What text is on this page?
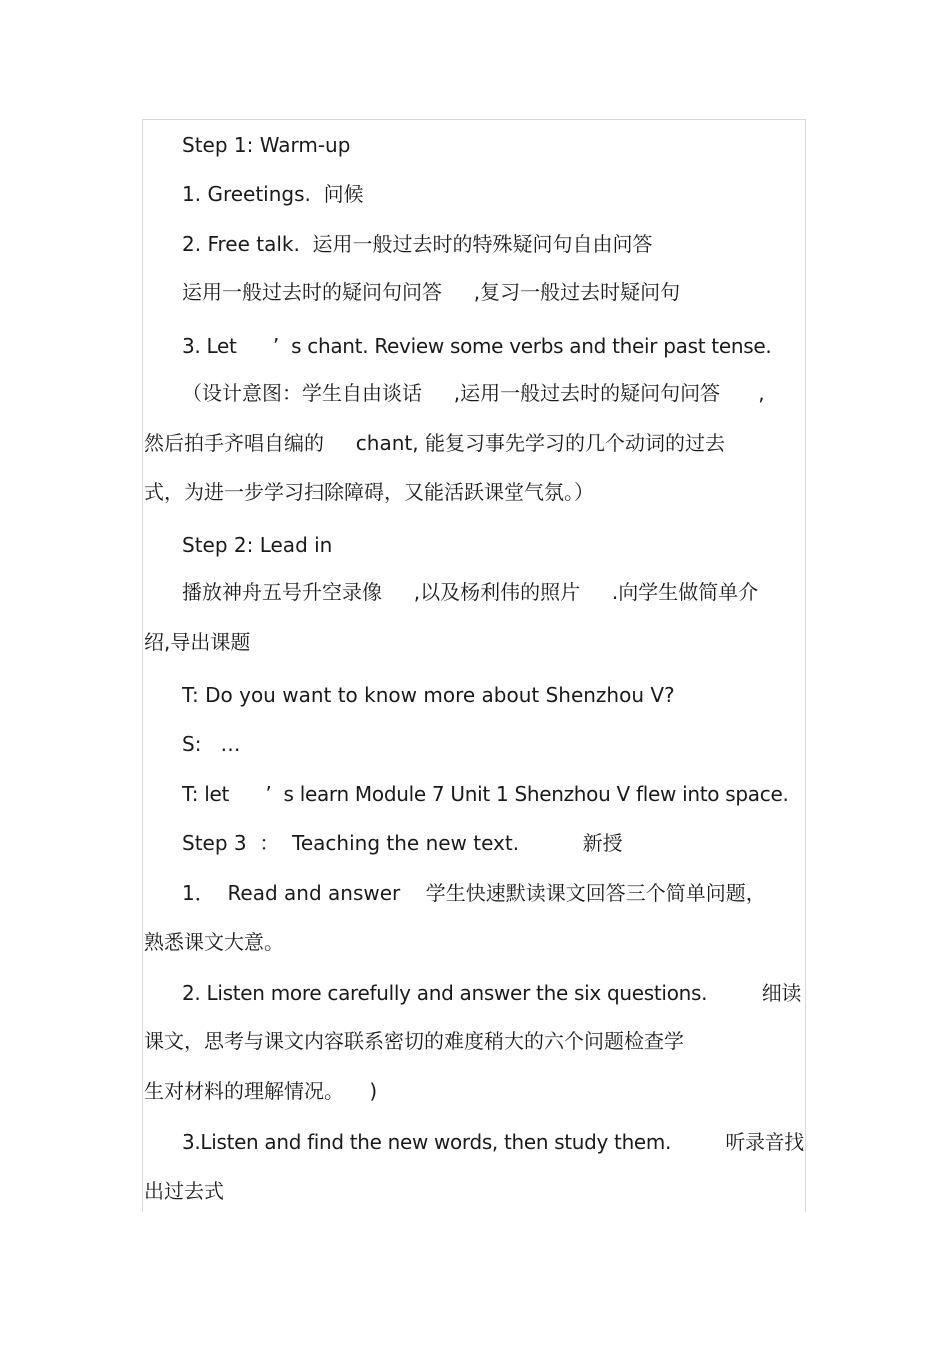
Step 1: Warm-up
1. Greetings.  问候
2. Free talk.  运用一般过去时的特殊疑问句自由问答
运用一般过去时的疑问句问答     ,复习一般过去时疑问句
3. Let      ’  s chant. Review some verbs and their past tense.
（设计意图：学生自由谈话     ,运用一般过去时的疑问句问答      ,
然后拍手齐唱自编的     chant, 能复习事先学习的几个动词的过去
式，为进一步学习扫除障碍，又能活跃课堂气氛。）
Step 2: Lead in
播放神舟五号升空录像     ,以及杨利伟的照片     .向学生做简单介
绍,导出课题
T: Do you want to know more about Shenzhou V?
S:   …
T: let      ’  s learn Module 7 Unit 1 Shenzhou V flew into space.
Step 3  ：  Teaching the new text.          新授
1．  Read and answer    学生快速默读课文回答三个简单问题，
熟悉课文大意。
2. Listen more carefully and answer the six questions.         细读
课文，思考与课文内容联系密切的难度稍大的六个问题检查学
生对材料的理解情况。    )
3.Listen and find the new words, then study them.         听录音找
出过去式
